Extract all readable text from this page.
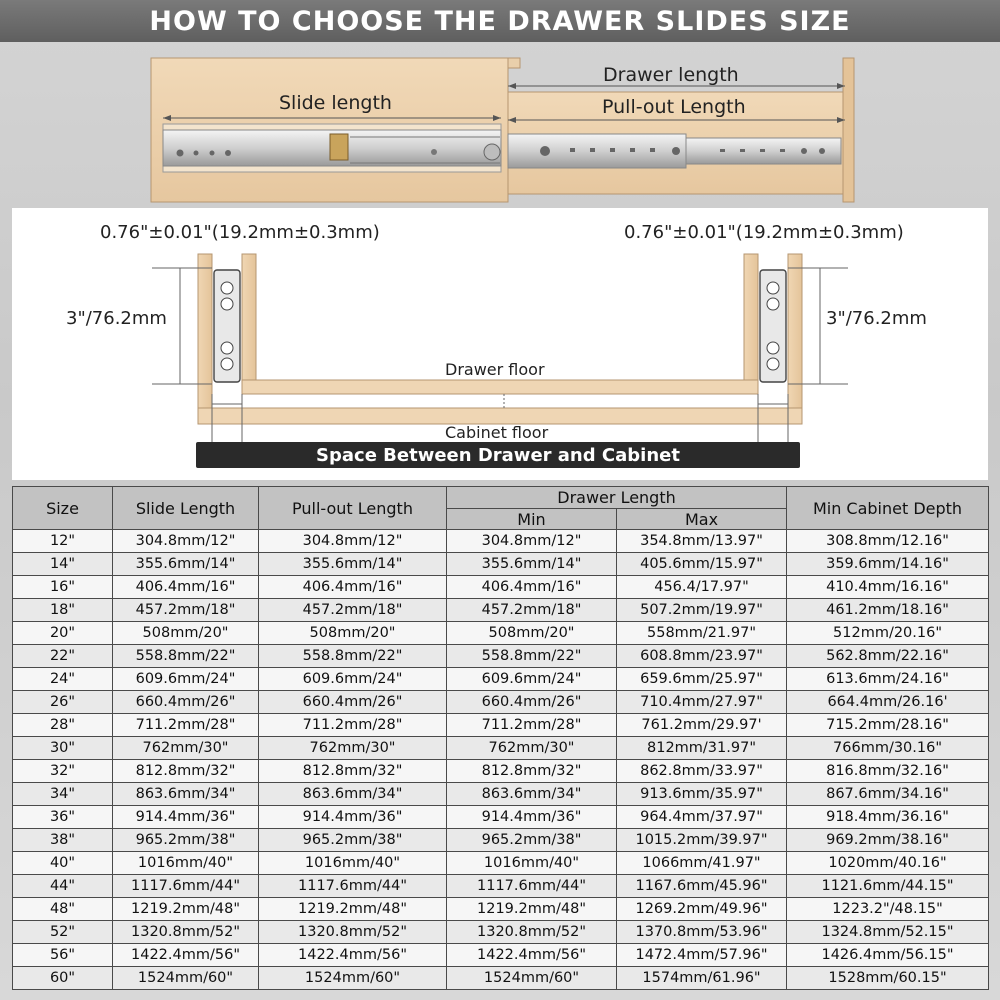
HOW TO CHOOSE THE DRAWER SLIDES SIZE
Slide length
Drawer length
Pull-out Length
0.76"±0.01"(19.2mm±0.3mm)	0.76"±0.01"(19.2mm±0.3mm)
3"/76.2mm	3"/76.2mm
Drawer floor
Cabinet floor
Space Between Drawer and Cabinet
Size	Slide Length	Pull-out Length	Drawer Length		Min Cabinet Depth
			Min	Max	
12"	304.8mm/12"	304.8mm/12"	304.8mm/12"	354.8mm/13.97"	308.8mm/12.16"
14"	355.6mm/14"	355.6mm/14"	355.6mm/14"	405.6mm/15.97"	359.6mm/14.16"
16"	406.4mm/16"	406.4mm/16"	406.4mm/16"	456.4/17.97"	410.4mm/16.16"
18"	457.2mm/18"	457.2mm/18"	457.2mm/18"	507.2mm/19.97"	461.2mm/18.16"
20"	508mm/20"	508mm/20"	508mm/20"	558mm/21.97"	512mm/20.16"
22"	558.8mm/22"	558.8mm/22"	558.8mm/22"	608.8mm/23.97"	562.8mm/22.16"
24"	609.6mm/24"	609.6mm/24"	609.6mm/24"	659.6mm/25.97"	613.6mm/24.16"
26"	660.4mm/26"	660.4mm/26"	660.4mm/26"	710.4mm/27.97"	664.4mm/26.16'
28"	711.2mm/28"	711.2mm/28"	711.2mm/28"	761.2mm/29.97'	715.2mm/28.16"
30"	762mm/30"	762mm/30"	762mm/30"	812mm/31.97"	766mm/30.16"
32"	812.8mm/32"	812.8mm/32"	812.8mm/32"	862.8mm/33.97"	816.8mm/32.16"
34"	863.6mm/34"	863.6mm/34"	863.6mm/34"	913.6mm/35.97"	867.6mm/34.16"
36"	914.4mm/36"	914.4mm/36"	914.4mm/36"	964.4mm/37.97"	918.4mm/36.16"
38"	965.2mm/38"	965.2mm/38"	965.2mm/38"	1015.2mm/39.97"	969.2mm/38.16"
40"	1016mm/40"	1016mm/40"	1016mm/40"	1066mm/41.97"	1020mm/40.16"
44"	1117.6mm/44"	1117.6mm/44"	1117.6mm/44"	1167.6mm/45.96"	1121.6mm/44.15"
48"	1219.2mm/48"	1219.2mm/48"	1219.2mm/48"	1269.2mm/49.96"	1223.2"/48.15"
52"	1320.8mm/52"	1320.8mm/52"	1320.8mm/52"	1370.8mm/53.96"	1324.8mm/52.15"
56"	1422.4mm/56"	1422.4mm/56"	1422.4mm/56"	1472.4mm/57.96"	1426.4mm/56.15"
60"	1524mm/60"	1524mm/60"	1524mm/60"	1574mm/61.96"	1528mm/60.15"
